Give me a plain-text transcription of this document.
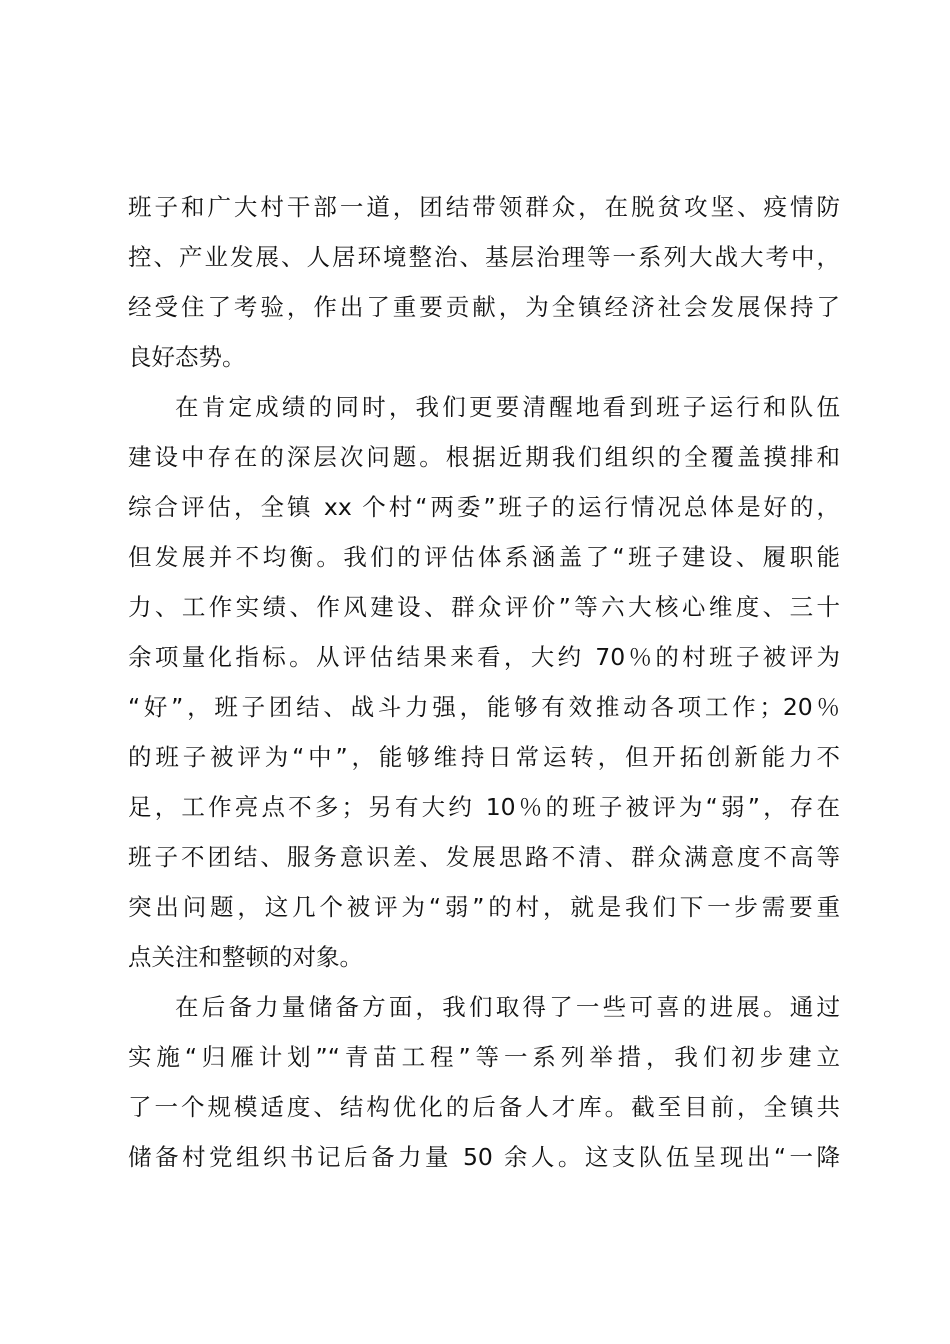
班子和广大村干部一道，团结带领群众，在脱贫攻坚、疫情防
控、产业发展、人居环境整治、基层治理等一系列大战大考中，
经受住了考验，作出了重要贡献，为全镇经济社会发展保持了
良好态势。
在肯定成绩的同时，我们更要清醒地看到班子运行和队伍
建设中存在的深层次问题。根据近期我们组织的全覆盖摸排和
综合评估，全镇 xx 个村“两委”班子的运行情况总体是好的，
但发展并不均衡。我们的评估体系涵盖了“班子建设、履职能
力、工作实绩、作风建设、群众评价”等六大核心维度、三十
余项量化指标。从评估结果来看，大约 70％的村班子被评为
“好”，班子团结、战斗力强，能够有效推动各项工作；20％
的班子被评为“中”，能够维持日常运转，但开拓创新能力不
足，工作亮点不多；另有大约 10％的班子被评为“弱”，存在
班子不团结、服务意识差、发展思路不清、群众满意度不高等
突出问题，这几个被评为“弱”的村，就是我们下一步需要重
点关注和整顿的对象。
在后备力量储备方面，我们取得了一些可喜的进展。通过
实施“归雁计划”“青苗工程”等一系列举措，我们初步建立
了一个规模适度、结构优化的后备人才库。截至目前，全镇共
储备村党组织书记后备力量 50 余人。这支队伍呈现出“一降
